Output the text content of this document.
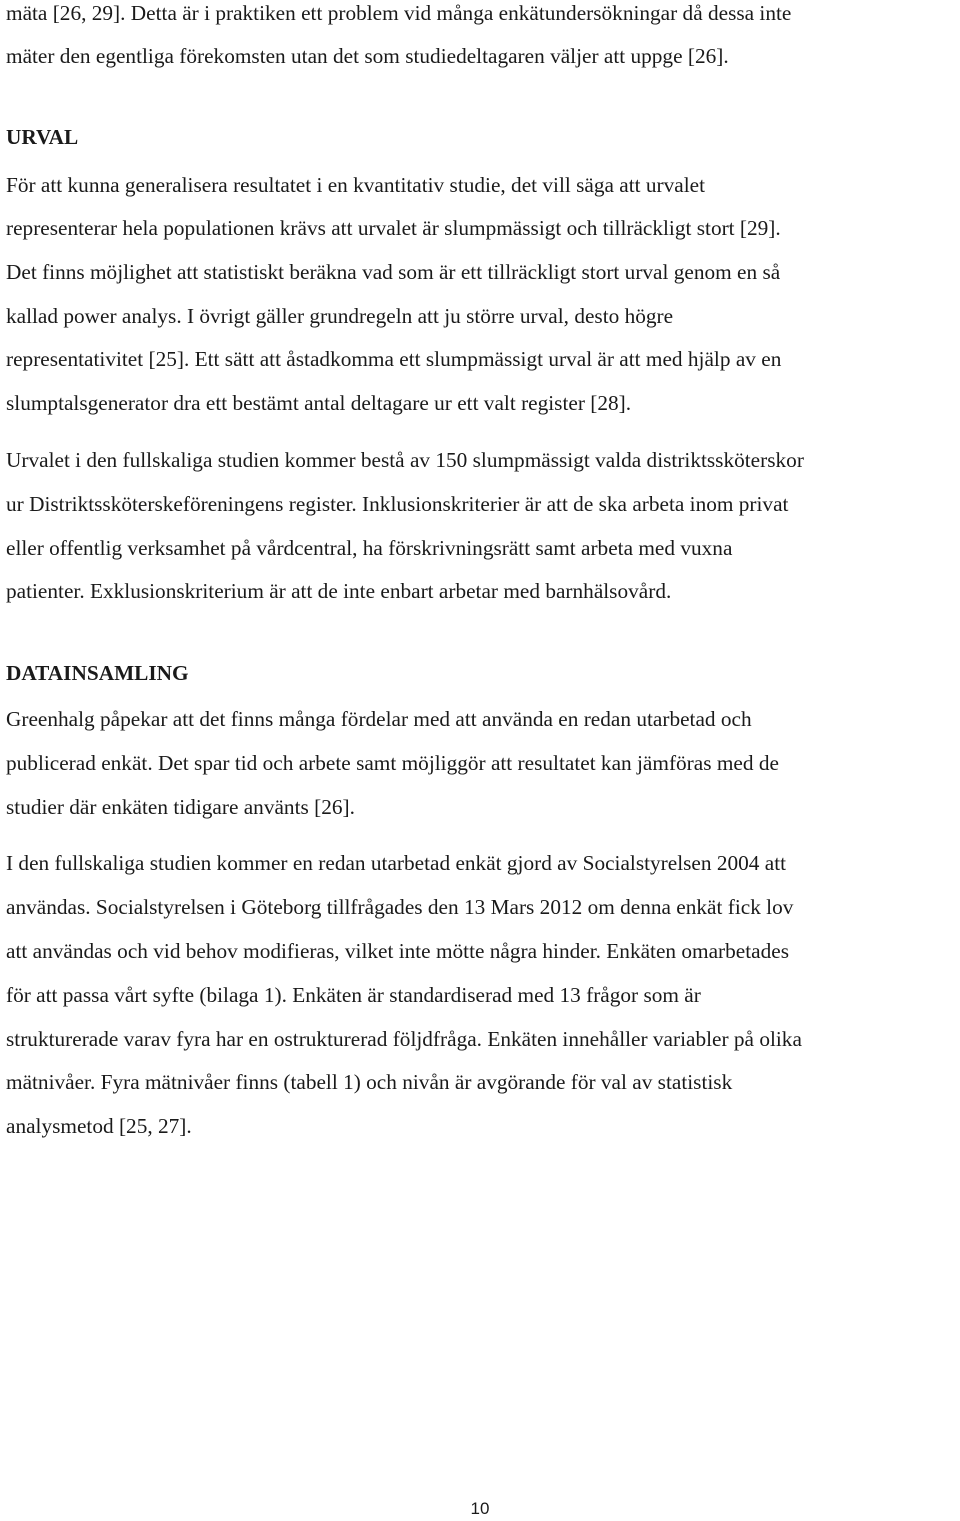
mäta [26, 29]. Detta är i praktiken ett problem vid många enkätundersökningar då dessa inte
mäter den egentliga förekomsten utan det som studiedeltagaren väljer att uppge [26].
URVAL
För att kunna generalisera resultatet i en kvantitativ studie, det vill säga att urvalet
representerar hela populationen krävs att urvalet är slumpmässigt och tillräckligt stort [29].
Det finns möjlighet att statistiskt beräkna vad som är ett tillräckligt stort urval genom en så
kallad power analys. I övrigt gäller grundregeln att ju större urval, desto högre
representativitet [25]. Ett sätt att åstadkomma ett slumpmässigt urval är att med hjälp av en
slumptalsgenerator dra ett bestämt antal deltagare ur ett valt register [28].
Urvalet i den fullskaliga studien kommer bestå av 150 slumpmässigt valda distriktssköterskor
ur Distriktssköterskeföreningens register. Inklusionskriterier är att de ska arbeta inom privat
eller offentlig verksamhet på vårdcentral, ha förskrivningsrätt samt arbeta med vuxna
patienter. Exklusionskriterium är att de inte enbart arbetar med barnhälsovård.
DATAINSAMLING
Greenhalg påpekar att det finns många fördelar med att använda en redan utarbetad och
publicerad enkät. Det spar tid och arbete samt möjliggör att resultatet kan jämföras med de
studier där enkäten tidigare använts [26].
I den fullskaliga studien kommer en redan utarbetad enkät gjord av Socialstyrelsen 2004 att
användas. Socialstyrelsen i Göteborg tillfrågades den 13 Mars 2012 om denna enkät fick lov
att användas och vid behov modifieras, vilket inte mötte några hinder. Enkäten omarbetades
för att passa vårt syfte (bilaga 1). Enkäten är standardiserad med 13 frågor som är
strukturerade varav fyra har en ostrukturerad följdfråga. Enkäten innehåller variabler på olika
mätnivåer. Fyra mätnivåer finns (tabell 1) och nivån är avgörande för val av statistisk
analysmetod [25, 27].
10
